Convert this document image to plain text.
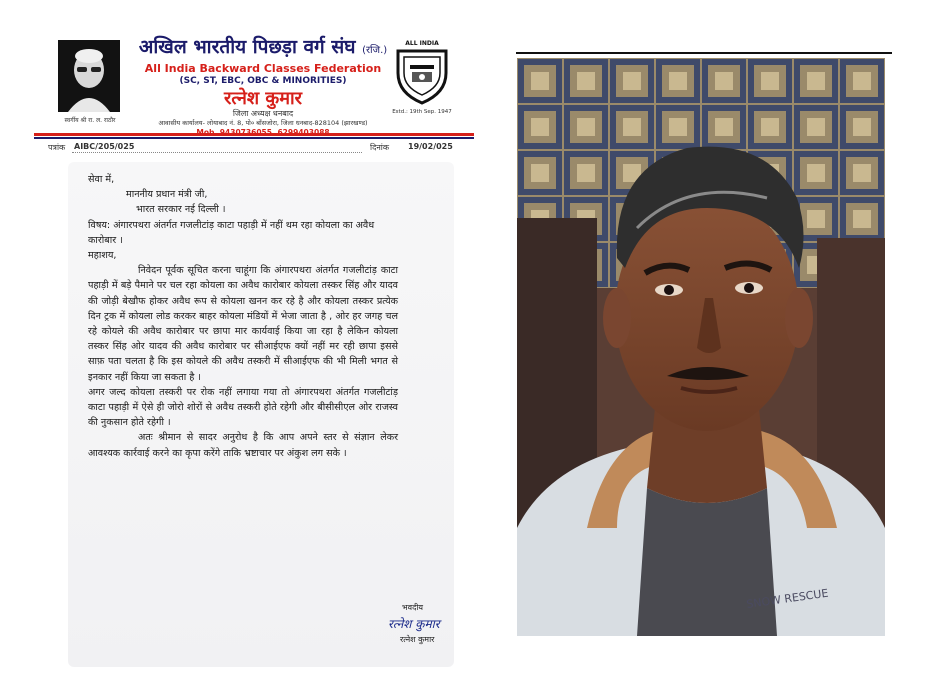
स्वर्गीय श्री रा. ल. राठौर
अखिल भारतीय पिछड़ा वर्ग संघ (रजि.)
All India Backward Classes Federation
(SC, ST, EBC, OBC & MINORITIES)
रत्नेश कुमार
जिला अध्यक्ष धनबाद
आवासीय कार्यालय- लोयाबाद नं. 8, पो० बाँसजोरा, जिला धनबाद-828104 (झारखण्ड)
ALL INDIA
Estd.: 19th Sep. 1947
पत्रांक AIBC/205/025	दिनांक 19/02/025

सेवा में,

माननीय प्रधान मंत्री जी,

भारत सरकार नई दिल्ली ।

विषय: अंगारपथरा अंतर्गत गजलीटांड़ काटा पहाड़ी में नहीं थम रहा कोयला का अवैध कारोबार ।

महाशय,

निवेदन पूर्वक सूचित करना चाहूंगा कि अंगारपथरा अंतर्गत गजलीटांड़ काटा पहाड़ी में बड़े पैमाने पर चल रहा कोयला का अवैध कारोबार कोयला तस्कर सिंह और यादव की जोड़ी बेखौफ होकर अवैध रूप से कोयला खनन कर रहे है और कोयला तस्कर प्रत्येक दिन ट्रक में कोयला लोड करकर बाहर कोयला मंडियों में भेजा जाता है , ओर हर जगह चल रहे कोयले की अवैध कारोबार पर छापा मार कार्यवाई किया जा रहा है लेकिन कोयला तस्कर सिंह ओर यादव की अवैध कारोबार पर सीआईएफ क्यों नहीं मर रही छापा इससे साफ़ पता चलता है कि इस कोयले की अवैध तस्करी में सीआईएफ की भी मिली भगत से इनकार नहीं किया जा सकता है ।

अगर जल्द कोयला तस्करी पर रोक नहीं लगाया गया तो अंगारपथरा अंतर्गत गजलीटांड़ काटा पहाड़ी में ऐसे ही जोरो शोरों से अवैध तस्करी होते रहेगी और बीसीसीएल ओर राजस्व की नुकसान होते रहेगी ।

अतः श्रीमान से सादर अनुरोध है कि आप अपने स्तर से संज्ञान लेकर आवश्यक कार्रवाई करने का कृपा करेंगे ताकि भ्रष्टाचार पर अंकुश लग सके ।

भवदीय
रत्नेश कुमार
रत्नेश कुमार
SNOW RESCUE
